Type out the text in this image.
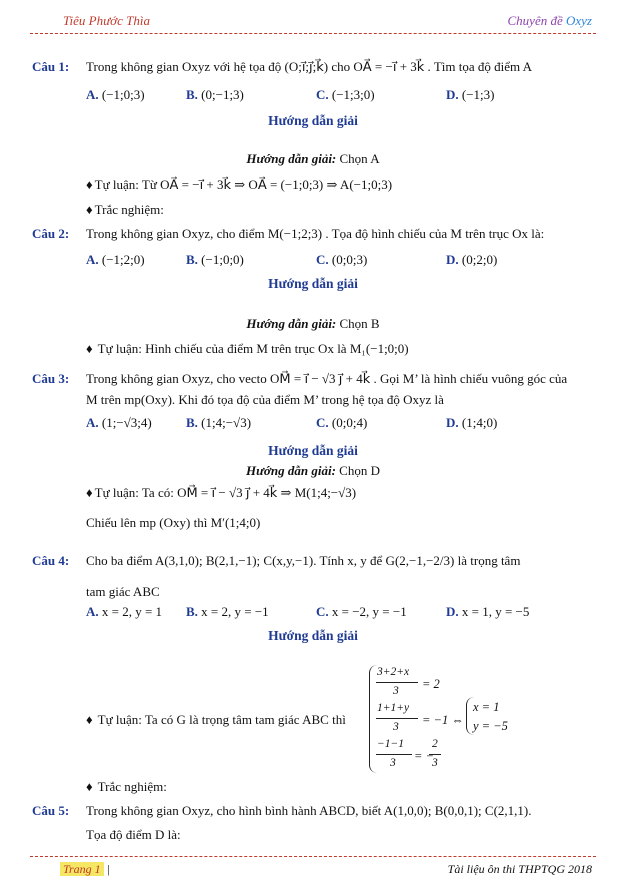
Tiêu Phước Thìa	Chuyên đề Oxyz
Câu 1: Trong không gian Oxyz với hệ tọa độ (O;i⃗;j⃗;k⃗) cho OA⃗ = −i⃗ + 3k⃗ . Tìm tọa độ điểm A
A. (−1;0;3)	B. (0;−1;3)	C. (−1;3;0)	D. (−1;3)
Hướng dẫn giải
Hướng dẫn giải: Chọn A
♦ Tự luận: Từ OA⃗ = −i⃗ + 3k⃗ ⇒ OA⃗ = (−1;0;3) ⇒ A(−1;0;3)
♦ Trắc nghiệm:
Câu 2: Trong không gian Oxyz, cho điểm M(−1;2;3) . Tọa độ hình chiếu của M trên trục Ox là:
A. (−1;2;0)	B. (−1;0;0)	C. (0;0;3)	D. (0;2;0)
Hướng dẫn giải
Hướng dẫn giải: Chọn B
♦ Tự luận: Hình chiếu của điểm M trên trục Ox là M₁(−1;0;0)
Câu 3: Trong không gian Oxyz, cho vecto OM⃗ = i⃗ − √3 j⃗ + 4k⃗ . Gọi M’ là hình chiếu vuông góc của
M trên mp(Oxy). Khi đó tọa độ của điểm M’ trong hệ tọa độ Oxyz là
A. (1;−√3;4)	B. (1;4;−√3)	C. (0;0;4)	D. (1;4;0)
Hướng dẫn giải
Hướng dẫn giải: Chọn D
♦ Tự luận: Ta có: OM⃗ = i⃗ − √3 j⃗ + 4k⃗ ⇒ M(1;4;−√3)
Chiếu lên mp (Oxy) thì M′(1;4;0)
Câu 4: Cho ba điểm A(3,1,0); B(2,1,−1); C(x,y,−1). Tính x, y để G(2,−1,−2/3) là trọng tâm
tam giác ABC
A. x = 2, y = 1 B. x = 2, y = −1	C. x = −2, y = −1	D. x = 1, y = −5
Hướng dẫn giải
♦ Tự luận: Ta có G là trọng tâm tam giác ABC thì
3+2+x
3 = 2
1+1+y
3 = −1 ⇔
−1−1
3 = −
2
3
x = 1
y = −5
♦ Trắc nghiệm:
Câu 5: Trong không gian Oxyz, cho hình bình hành ABCD, biết A(1,0,0); B(0,0,1); C(2,1,1).
Tọa độ điểm D là:
Trang 1 |	Tài liệu ôn thi THPTQG 2018
